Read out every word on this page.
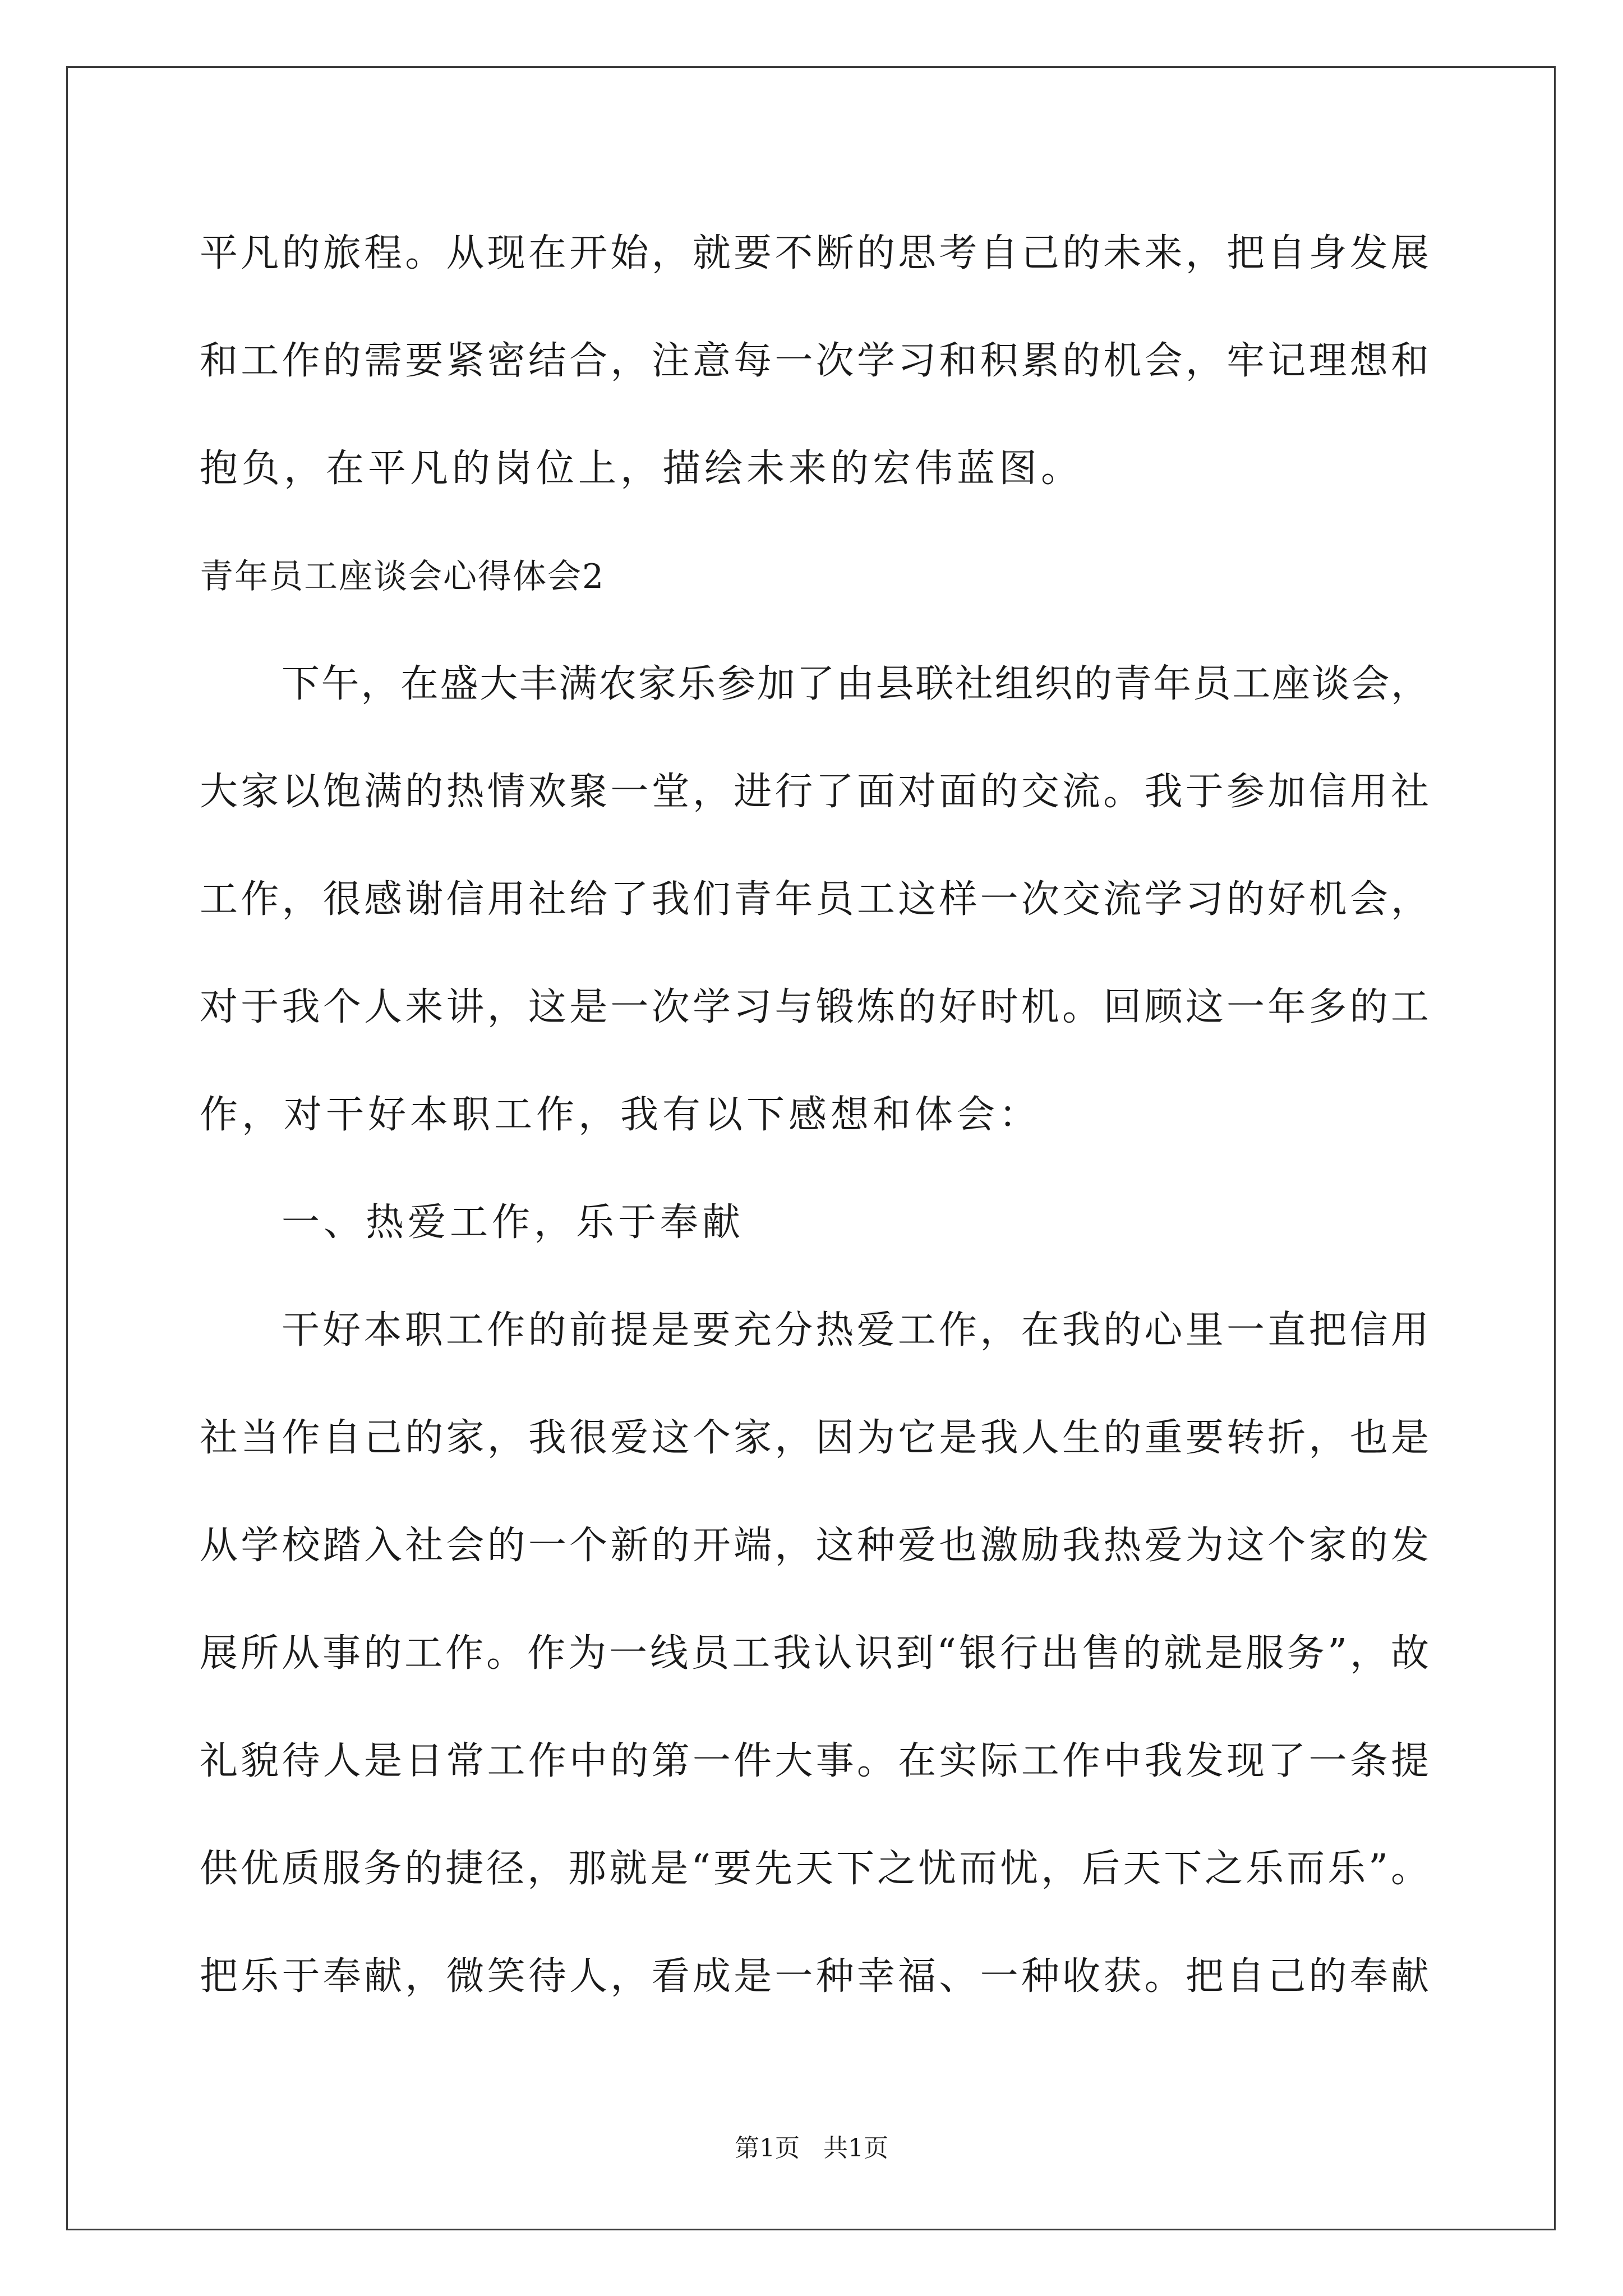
平凡的旅程。从现在开始，就要不断的思考自己的未来，把自身发展
和工作的需要紧密结合，注意每一次学习和积累的机会，牢记理想和
抱负，在平凡的岗位上，描绘未来的宏伟蓝图。
青年员工座谈会心得体会2
下午，在盛大丰满农家乐参加了由县联社组织的青年员工座谈会，
大家以饱满的热情欢聚一堂，进行了面对面的交流。我于参加信用社
工作，很感谢信用社给了我们青年员工这样一次交流学习的好机会，
对于我个人来讲，这是一次学习与锻炼的好时机。回顾这一年多的工
作，对干好本职工作，我有以下感想和体会：
一、热爱工作，乐于奉献
干好本职工作的前提是要充分热爱工作，在我的心里一直把信用
社当作自己的家，我很爱这个家，因为它是我人生的重要转折，也是
从学校踏入社会的一个新的开端，这种爱也激励我热爱为这个家的发
展所从事的工作。作为一线员工我认识到“银行出售的就是服务”，故
礼貌待人是日常工作中的第一件大事。在实际工作中我发现了一条提
供优质服务的捷径，那就是“要先天下之忧而忧，后天下之乐而乐”。
把乐于奉献，微笑待人，看成是一种幸福、一种收获。把自己的奉献
第1页 共1页
